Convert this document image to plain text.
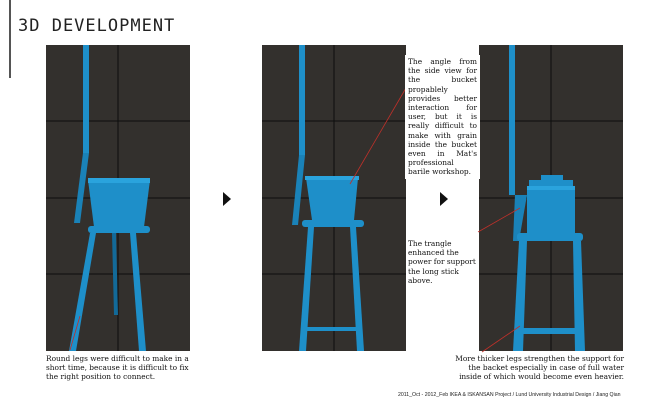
3D DEVELOPMENT

Round legs were difficult to make in a short time, because it is difficult to fix the right position to connect.

The angle from the side view for the bucket propablely provides better interaction for user, but it is really difficult to make with grain inside the bucket even in Mat's professional barile workshop.

The trangle enhanced the power for support the long stick above.

More thicker legs strengthen the support for the backet especially in case of full water inside of which would become even heavier.

2011_Oct - 2012_Feb IKEA & ISKANSAN Project / Lund University Industrial Design / Jiang Qian
